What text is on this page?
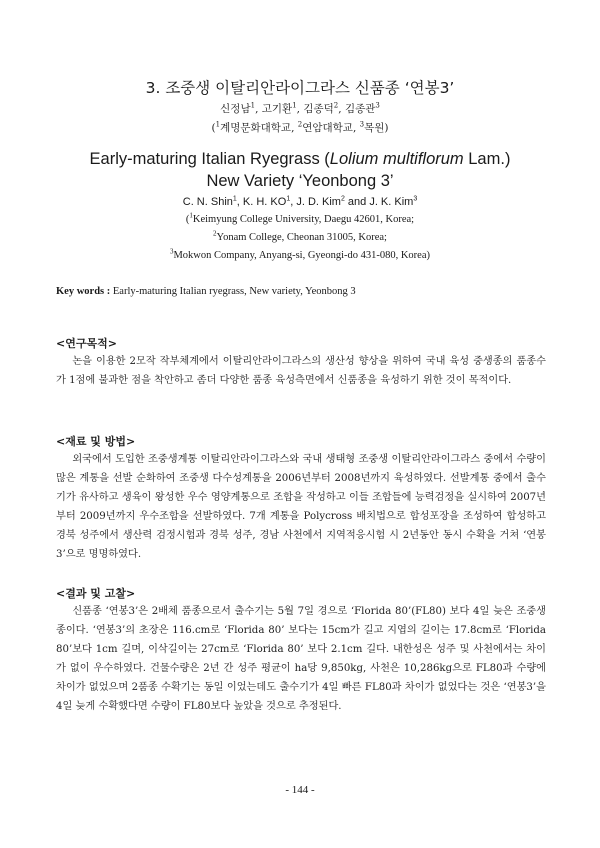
3. 조중생 이탈리안라이그라스 신품종 ‘연봉3’
신정남$^1$, 고기환$^1$, 김종덕$^2$, 김종관$^3$
($^1$계명문화대학교, $^2$연암대학교, $^3$목원)
Early-maturing Italian Ryegrass (Lolium multiflorum Lam.)
New Variety ‘Yeonbong 3’
C. N. Shin$^1$, K. H. $KO^1$, J. D. Kim$^2$ and J. K. Kim$^3$
($^1$Keimyung College University, Daegu 42601, Korea;
$^2$Yonam College, Cheonan 31005, Korea;
$^3$Mokwon Company, Anyang-si, Gyeongi-do 431-080, Korea)
Key words : Early-maturing Italian ryegrass, New variety, Yeonbong 3
<연구목적>
논을 이용한 2모작 작부체계에서 이탈리안라이그라스의 생산성 향상을 위하여 국내 육성 중생종의 품종수가 1점에 불과한 점을 착안하고 좀더 다양한 품종 육성측면에서 신품종을 육성하기 위한 것이 목적이다.
<재료 및 방법>
외국에서 도입한 조중생계통 이탈리안라이그라스와 국내 생태형 조중생 이탈리안라이그라스 중에서 수량이 많은 계통을 선발 순화하여 조중생 다수성계통을 2006년부터 2008년까지 육성하였다. 선발계통 중에서 출수기가 유사하고 생육이 왕성한 우수 영양계통으로 조합을 작성하고 이들 조합들에 능력검정을 실시하여 2007년부터 2009년까지 우수조합을 선발하였다. 7개 계통을 Polycross 배치법으로 합성포장을 조성하여 합성하고 경북 성주에서 생산력 검정시험과 경북 성주, 경남 사천에서 지역적응시험 시 2년동안 동시 수확을 거쳐 ‘연봉3’으로 명명하였다.
<결과 및 고찰>
신품종 ‘연봉3’은 2배체 품종으로서 출수기는 5월 7일 경으로 ‘Florida 80’(FL80) 보다 4일 늦은 조중생종이다. ‘연봉3’의 초장은 116.cm로 ‘Florida 80’ 보다는 15cm가 길고 지엽의 길이는 17.8cm로 ‘Florida 80’보다 1cm 길며, 이삭길이는 27cm로 ‘Florida 80’ 보다 2.1cm 길다. 내한성은 성주 및 사천에서는 차이가 없이 우수하였다. 건물수량은 2년 간 성주 평균이 ha당 9,850kg, 사천은 10,286kg으로 FL80과 수량에 차이가 없었으며 2품종 수확기는 동일 이었는데도 출수기가 4일 빠른 FL80과 차이가 없었다는 것은 ‘연봉3’을 4일 늦게 수확했다면 수량이 FL80보다 높았을 것으로 추정된다.
- 144 -
